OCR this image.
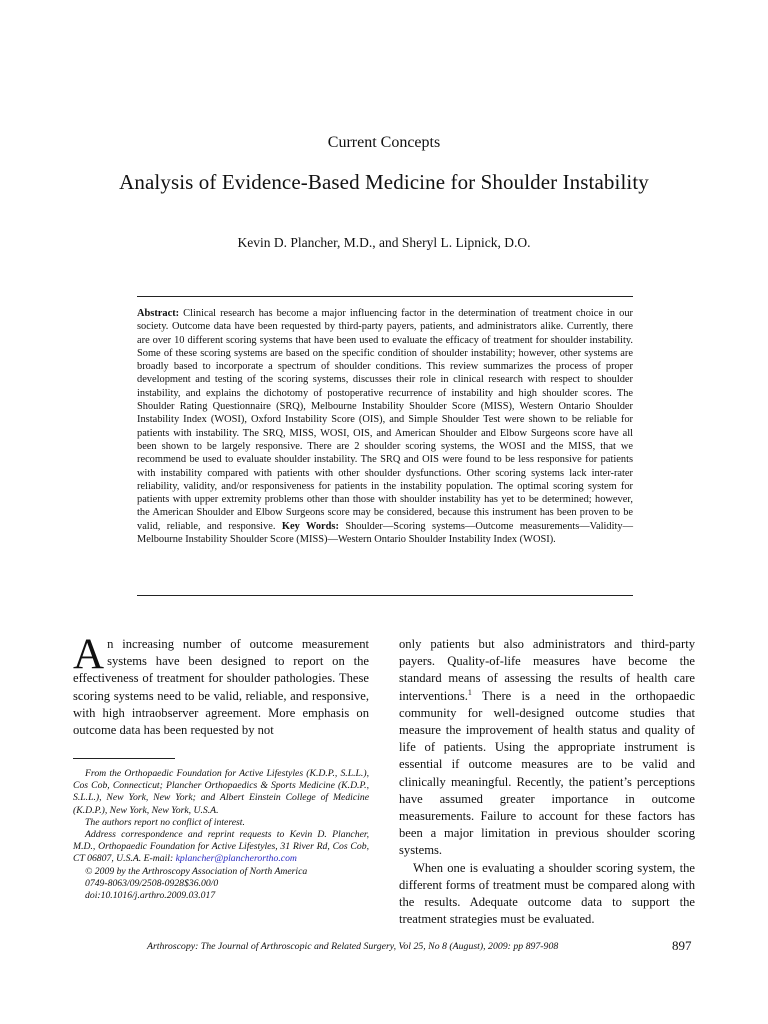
Current Concepts
Analysis of Evidence-Based Medicine for Shoulder Instability
Kevin D. Plancher, M.D., and Sheryl L. Lipnick, D.O.
Abstract: Clinical research has become a major influencing factor in the determination of treatment choice in our society. Outcome data have been requested by third-party payers, patients, and administrators alike. Currently, there are over 10 different scoring systems that have been used to evaluate the efficacy of treatment for shoulder instability. Some of these scoring systems are based on the specific condition of shoulder instability; however, other systems are broadly based to incorporate a spectrum of shoulder conditions. This review summarizes the process of proper development and testing of the scoring systems, discusses their role in clinical research with respect to shoulder instability, and explains the dichotomy of postoperative recurrence of instability and high shoulder scores. The Shoulder Rating Questionnaire (SRQ), Melbourne Instability Shoulder Score (MISS), Western Ontario Shoulder Instability Index (WOSI), Oxford Instability Score (OIS), and Simple Shoulder Test were shown to be reliable for patients with instability. The SRQ, MISS, WOSI, OIS, and American Shoulder and Elbow Surgeons score have all been shown to be largely responsive. There are 2 shoulder scoring systems, the WOSI and the MISS, that we recommend be used to evaluate shoulder instability. The SRQ and OIS were found to be less responsive for patients with instability compared with patients with other shoulder dysfunctions. Other scoring systems lack inter-rater reliability, validity, and/or responsiveness for patients in the instability population. The optimal scoring system for patients with upper extremity problems other than those with shoulder instability has yet to be determined; however, the American Shoulder and Elbow Surgeons score may be considered, because this instrument has been proven to be valid, reliable, and responsive. Key Words: Shoulder—Scoring systems—Outcome measurements—Validity—Melbourne Instability Shoulder Score (MISS)—Western Ontario Shoulder Instability Index (WOSI).
An increasing number of outcome measurement systems have been designed to report on the effectiveness of treatment for shoulder pathologies. These scoring systems need to be valid, reliable, and responsive, with high intraobserver agreement. More emphasis on outcome data has been requested by not

From the Orthopaedic Foundation for Active Lifestyles (K.D.P., S.L.L.), Cos Cob, Connecticut; Plancher Orthopaedics & Sports Medicine (K.D.P., S.L.L.), New York, New York; and Albert Einstein College of Medicine (K.D.P.), New York, New York, U.S.A.

The authors report no conflict of interest.

Address correspondence and reprint requests to Kevin D. Plancher, M.D., Orthopaedic Foundation for Active Lifestyles, 31 River Rd, Cos Cob, CT 06807, U.S.A. E-mail: kplancher@plancherortho.com

© 2009 by the Arthroscopy Association of North America

0749-8063/09/2508-0928$36.00/0

doi:10.1016/j.arthro.2009.03.017

only patients but also administrators and third-party payers. Quality-of-life measures have become the standard means of assessing the results of health care interventions.$^1$ There is a need in the orthopaedic community for well-designed outcome studies that measure the improvement of health status and quality of life of patients. Using the appropriate instrument is essential if outcome measures are to be valid and clinically meaningful. Recently, the patient’s perceptions have assumed greater importance in outcome measurements. Failure to account for these factors has been a major limitation in previous shoulder scoring systems.

When one is evaluating a shoulder scoring system, the different forms of treatment must be compared along with the results. Adequate outcome data to support the treatment strategies must be evaluated.

Arthroscopy: The Journal of Arthroscopic and Related Surgery, Vol 25, No 8 (August), 2009: pp 897-908	897
